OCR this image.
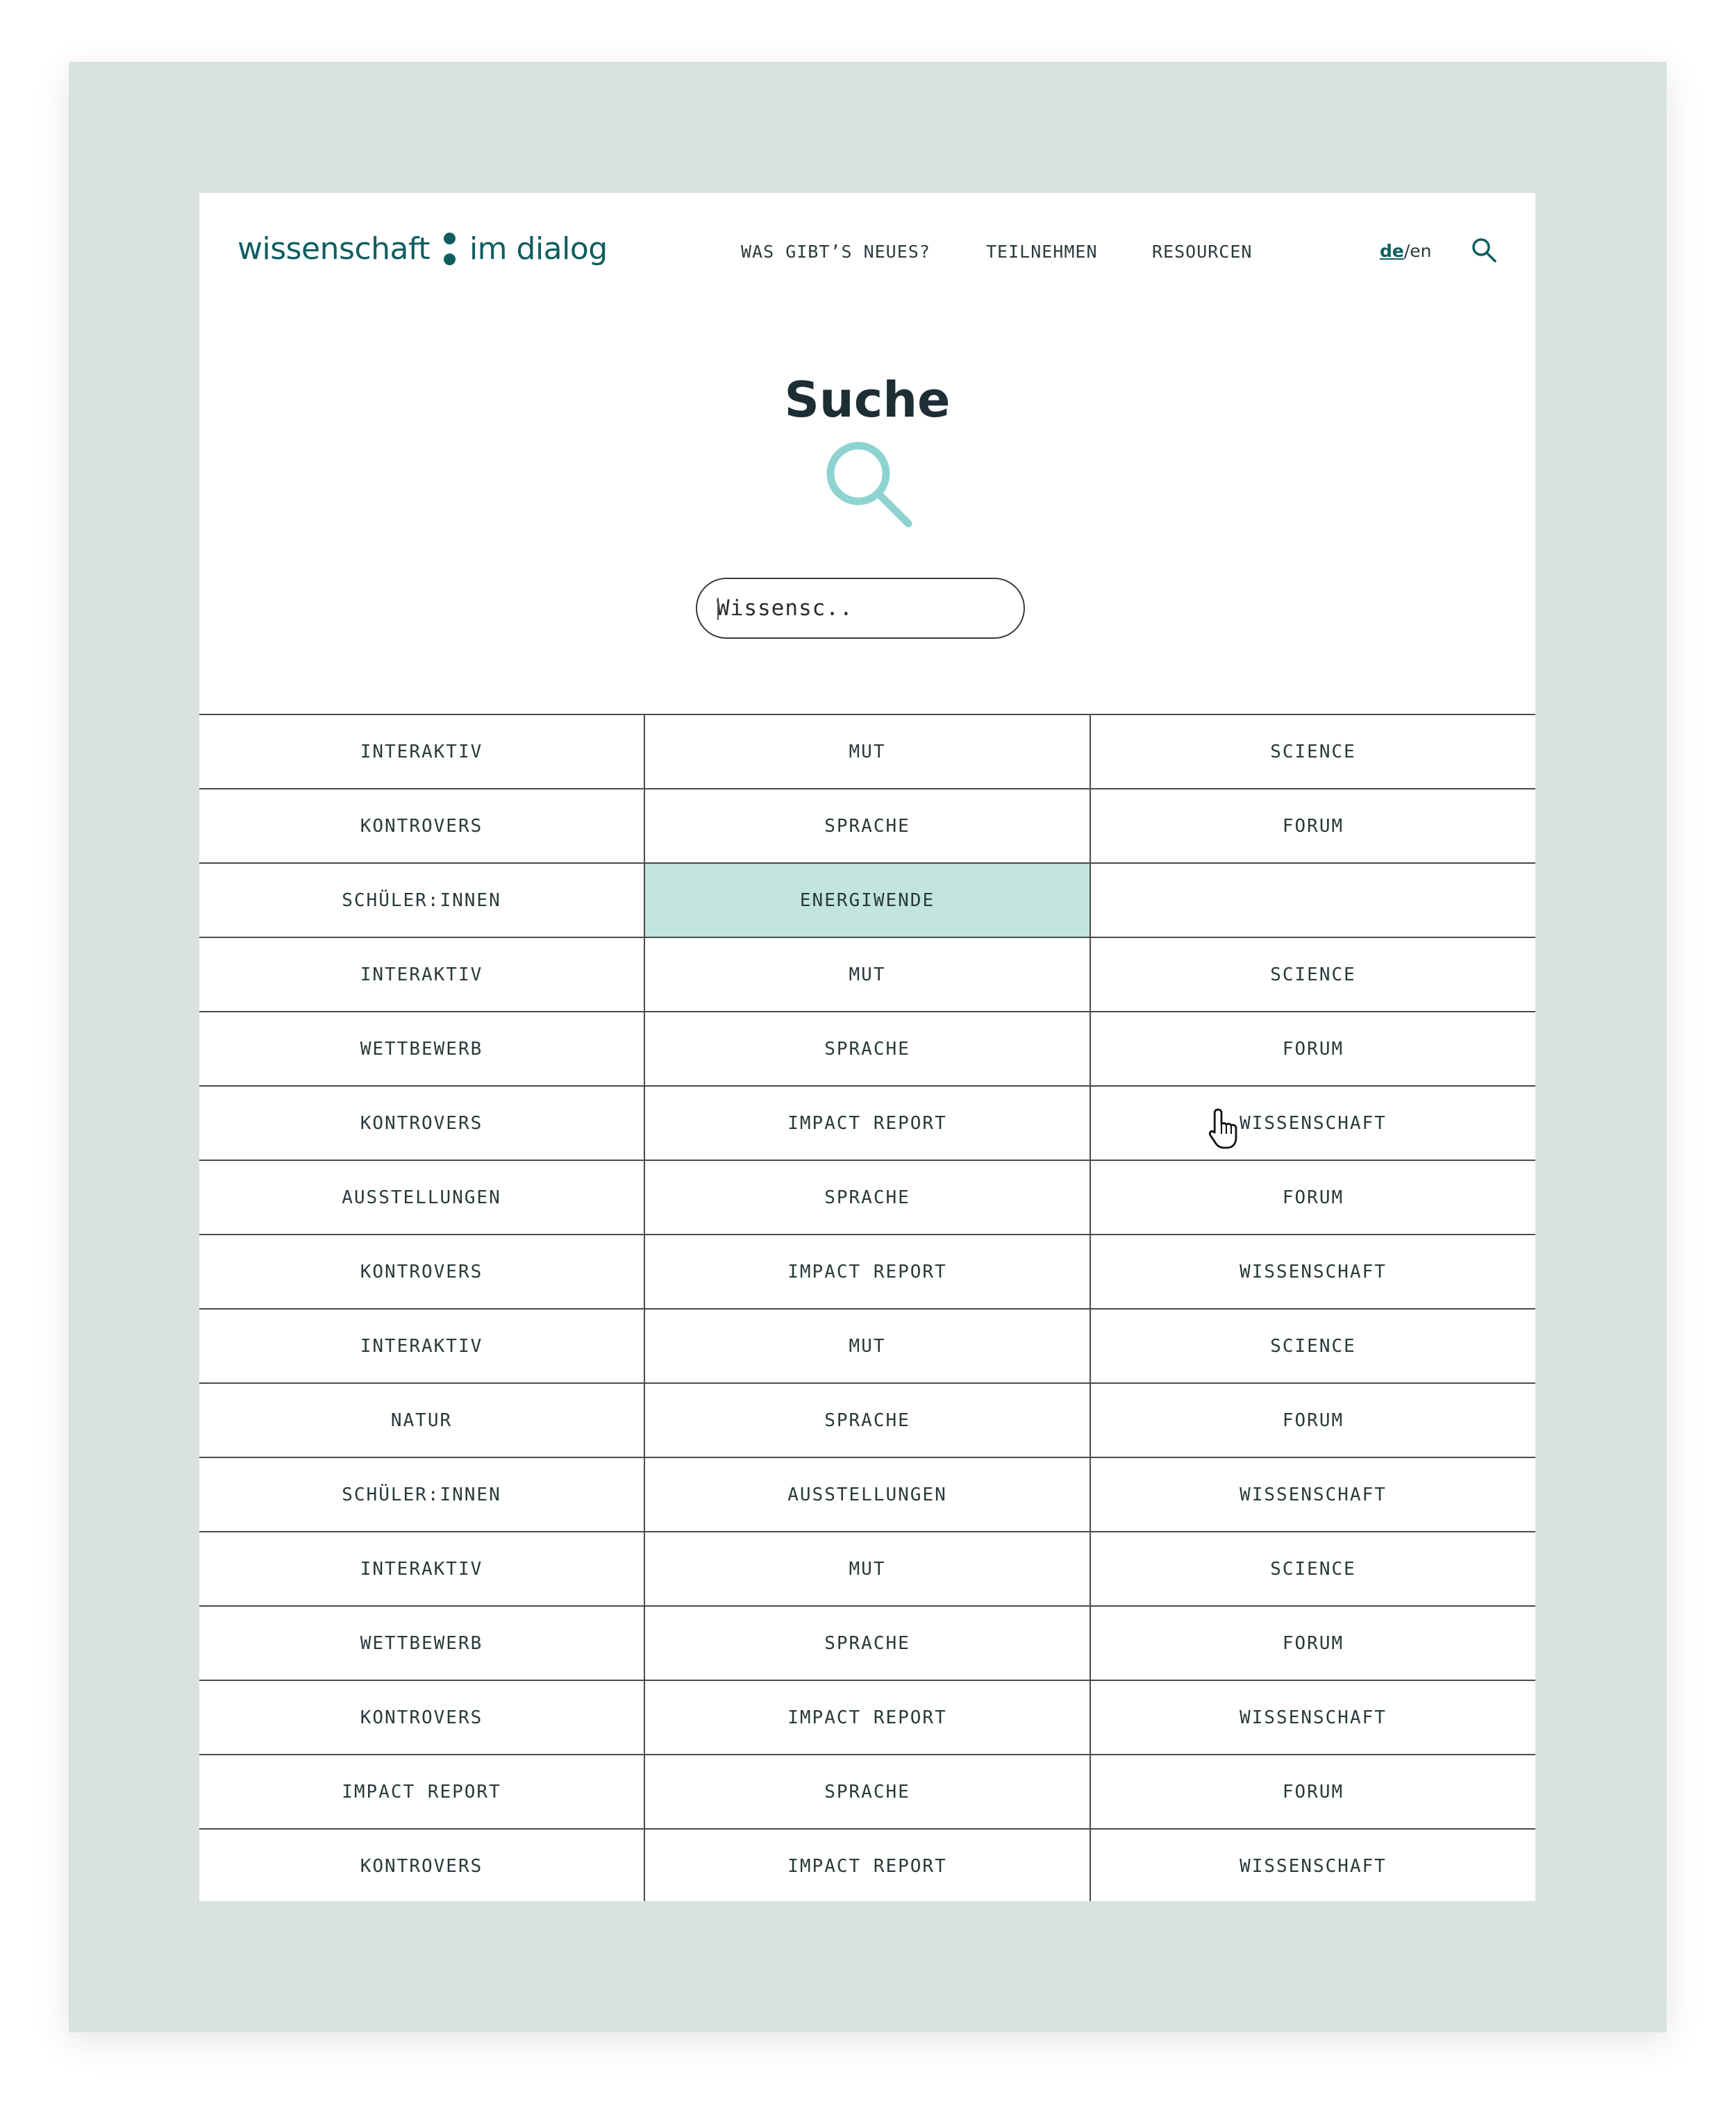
wissenschaft im dialog	WAS GIBT’S NEUES?	TEILNEHMEN	RESOURCEN	de/en
Suche
Wissensc..
INTERAKTIV	MUT	SCIENCE
KONTROVERS	SPRACHE	FORUM
SCHÜLER:INNEN	ENERGIWENDE
INTERAKTIV	MUT	SCIENCE
WETTBEWERB	SPRACHE	FORUM
KONTROVERS	IMPACT REPORT	WISSENSCHAFT
AUSSTELLUNGEN	SPRACHE	FORUM
KONTROVERS	IMPACT REPORT	WISSENSCHAFT
INTERAKTIV	MUT	SCIENCE
NATUR	SPRACHE	FORUM
SCHÜLER:INNEN	AUSSTELLUNGEN	WISSENSCHAFT
INTERAKTIV	MUT	SCIENCE
WETTBEWERB	SPRACHE	FORUM
KONTROVERS	IMPACT REPORT	WISSENSCHAFT
IMPACT REPORT	SPRACHE	FORUM
KONTROVERS	IMPACT REPORT	WISSENSCHAFT
